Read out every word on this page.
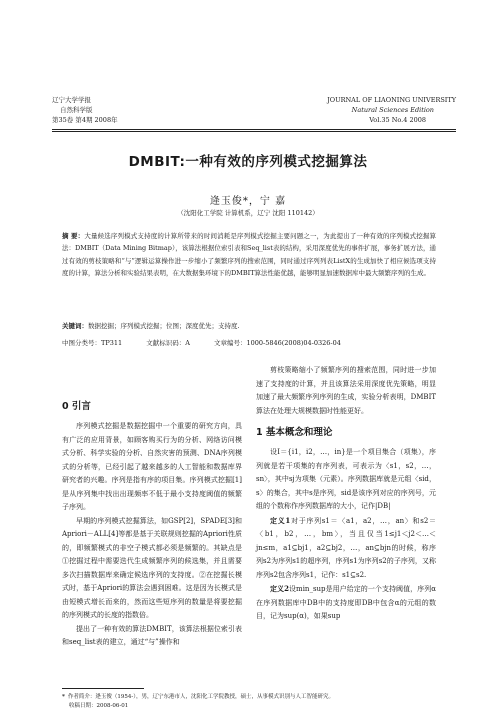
辽宁大学学报
自然科学版
第35卷 第4期 2008年
JOURNAL OF LIAONING UNIVERSITY
Natural Sciences Edition
Vol.35 No.4 2008
DMBIT:一种有效的序列模式挖掘算法
逄玉俊*，宁 嘉
（沈阳化工学院 计算机系，辽宁 沈阳 110142）
摘 要：大量候选序列模式支持度的计算所带来的时间消耗是序列模式挖掘主要问题之一，为此提出了一种有效的序列模式挖掘算法：DMBIT（Data Mining Bitmap），该算法根据位索引表和Seq_list表的结构，采用深度优先的事件扩展，事务扩展方法，通过有效的剪枝策略和“与”逻辑运算操作进一步缩小了频繁序列的搜索范围，同时通过序列列表ListX的生成加快了相应候选项支持度的计算，算法分析和实验结果表明，在大数据集环境下的DMBIT算法性能优越，能够明显加速数据库中最大频繁序列的生成。
关键词：数据挖掘；序列模式挖掘；位图；深度优先；支持度.
中图分类号：TP311	文献标识码：A	文章编号：1000-5846(2008)04-0326-04
0 引言

序列模式挖掘是数据挖掘中一个重要的研究方向，具有广泛的应用背景，如顾客购买行为的分析、网络访问模式分析、科学实验的分析、自然灾害的预测、DNA序列模式的分析等，已经引起了越来越多的人工智能和数据库界研究者的兴趣。序列是指有序的项目集。序列模式挖掘[1]是从序列集中找出出现频率不低于最小支持度阈值的频繁子序列。

早期的序列模式挖掘算法，如GSP[2]，SPADE[3]和Apriori－ALL[4]等都是基于关联规则挖掘的Apriori性质的，即频繁模式的非空子模式都必须是频繁的。其缺点是①挖掘过程中需要迭代生成频繁序列的候选集，并且需要多次扫描数据库来确定候选序列的支持度。②在挖掘长模式时，基于Apriori的算法会遇到困难。这是因为长模式是由短模式增长而来的，然而这些短序列的数量是将要挖掘的序列模式的长度的指数倍。

提出了一种有效的算法DMBIT，该算法根据位索引表和seq_list表的建立，通过“与”操作和

剪枝策略缩小了频繁序列的搜索范围，同时进一步加速了支持度的计算，并且该算法采用深度优先策略，明显加速了最大频繁序列序列的生成，实验分析表明，DMBIT算法在处理大规模数据时性能更好。

1 基本概念和理论

设I＝{i1，i2，…，in}是一个项目集合（项集），序列就是若干项集的有序列表，可表示为〈s1，s2，…，sn〉，其中sj为项集（元素）。序列数据库就是元组〈sid，s〉的集合，其中s是序列，sid是该序列对应的序列号，元组的个数称作序列数据库的大小，记作|DB|

定义1对于序列s1＝〈a1，a2，…，an〉和s2＝〈b1，b2，…，bm〉，当且仅当1≤j1＜j2＜…＜jn≤m，a1⊆bj1，a2⊆bj2，…，an⊆bjn的时候，称序列s2为序列s1的超序列，序列s1为序列s2的子序列，又称序列s2包含序列s1，记作：s1⊆s2.

定义2设min_sup是用户给定的一个支持阈值，序列α在序列数据库中DB中的支持度即DB中包含α的元组的数目，记为sup(α)，如果sup

* 作者简介：逄玉俊（1954-），男，辽宁东港市人，沈阳化工学院教授，硕士，从事模式识别与人工智能研究。
收稿日期：2008-06-01
